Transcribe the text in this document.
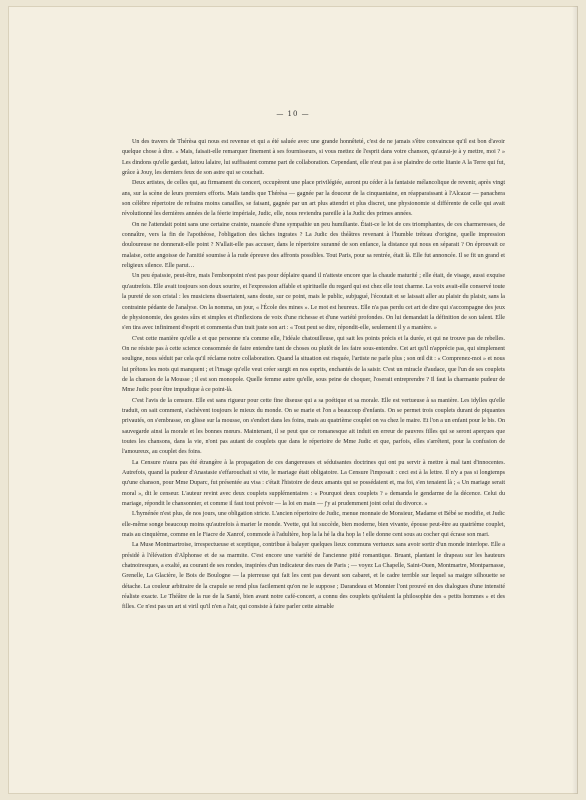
— 10 —

Un des travers de Thérèsa qui nous est revenue et qui a été saluée avec une grande honnêteté, c'est de ne jamais s'être convaincue qu'il est bon d'avoir quelque chose à dire. « Mais, faisait-elle remarquer finement à ses fournisseurs, si vous mettez de l'esprit dans votre chanson, qu'aurai-je à y mettre, moi ? » Les dindons qu'elle gardait, laitou lalaire, lui suffisaient comme part de collaboration. Cependant, elle n'eut pas à se plaindre de cette litanie A la Terre qui fut, grâce à Jouy, les derniers feux de son astre qui se couchait.

Deux artistes, de celles qui, au firmament du concert, occupèrent une place privilégiée, auront pu céder à la fantaisie mélancolique de revenir, après vingt ans, sur la scène de leurs premiers efforts. Mais tandis que Thérèsa — gagnée par la douceur de la cinquantaine, en réapparaissant à l'Alcazar — panachera son célèbre répertoire de refrains moins canailles, se faisant, gagnée par un art plus attendri et plus discret, une physionomie si différente de celle qui avait révolutionné les dernières années de la féerie impériale, Judic, elle, nous reviendra pareille à la Judic des primes années.

On ne l'attendait point sans une certaine crainte, nuancée d'une sympathie un peu humiliante. Était-ce le lot de ces triomphantes, de ces charmeresses, de connaître, vers la fin de l'apothéose, l'obligation des tâches ingrates ? La Judic des théâtres revenant à l'humble tréteau d'origine, quelle impression douloureuse ne donnerait-elle point ? N'allait-elle pas accuser, dans le répertoire suranné de son enfance, la distance qui nous en séparait ? On éprouvait ce malaise, cette angoisse de l'amitié soumise à la rude épreuve des affronts possibles. Tout Paris, pour sa rentrée, était là. Elle fut annoncée. Il se fit un grand et religieux silence. Elle parut…

Un peu épaissie, peut-être, mais l'embonpoint n'est pas pour déplaire quand il n'atteste encore que la chaude maturité ; elle était, de visage, aussi exquise qu'autrefois. Elle avait toujours son doux sourire, et l'expression affable et spirituelle du regard qui est chez elle tout charme. La voix avait-elle conservé toute la pureté de son cristal : les musiciens dissertaient, sans doute, sur ce point, mais le public, subjugué, l'écoutait et se laissait aller au plaisir du plaisir, sans la contrainte pédante de l'analyse. On la nomma, un jour, « l'École des mines ». Le mot est heureux. Elle n'a pas perdu cet art de dire qui s'accompagne des jeux de physionomie, des gestes sûrs et simples et d'inflexions de voix d'une richesse et d'une variété profondes. On lui demandait la définition de son talent. Elle s'en tira avec infiniment d'esprit et commenta d'un trait juste son art : « Tout peut se dire, répondit-elle, seulement il y a manière. »

C'est cette manière qu'elle a et que personne n'a comme elle, l'idéale chatouilleuse, qui sait les points précis et la durée, et qui ne trouve pas de rebelles. On ne résiste pas à cette science consommée de faire entendre tant de choses ou plutôt de les faire sous-entendre. Cet art qu'il n'apprécie pas, qui simplement souligne, nous séduit par cela qu'il réclame notre collaboration. Quand la situation est risquée, l'artiste ne parle plus ; son œil dit : « Comprenez-moi » et nous lui prêtons les mots qui manquent ; et l'image qu'elle veut créer surgit en nos esprits, enchantés de la saisir. C'est un miracle d'audace, que l'un de ses couplets de la chanson de la Mousse ; il est son monopole. Quelle femme autre qu'elle, sous peine de choquer, l'oserait entreprendre ? Il faut la charmante pudeur de Mme Judic pour être impudique à ce point-là.

C'est l'avis de la censure. Elle est sans rigueur pour cette fine diseuse qui a sa poétique et sa morale. Elle est vertueuse à sa manière. Les idylles qu'elle traduit, on sait comment, s'achèvent toujours le mieux du monde. On se marie et l'on a beaucoup d'enfants. On se permet trois couplets durant de piquantes privautés, on s'embrasse, on glisse sur la mousse, on s'endort dans les foins, mais au quatrième couplet on va chez le maire. Et l'on a un enfant pour le bis. On sauvegarde ainsi la morale et les bonnes mœurs. Maintenant, il se peut que ce romanesque ait induit en erreur de pauvres filles qui se seront aperçues que toutes les chansons, dans la vie, n'ont pas autant de couplets que dans le répertoire de Mme Judic et que, parfois, elles s'arrêtent, pour la confusion de l'amoureux, au couplet des foins.

La Censure n'aura pas été étrangère à la propagation de ces dangereuses et séduisantes doctrines qui ont pu servir à mettre à mal tant d'innocentes. Autrefois, quand la pudeur d'Anastasie s'effarouchait si vite, le mariage était obligatoire. La Censure l'imposait : ceci est à la lettre. Il n'y a pas si longtemps qu'une chanson, pour Mme Duparc, fut présentée au visa : c'était l'histoire de deux amants qui se possédaient et, ma foi, s'en tenaient là ; « Un mariage serait moral », dit le censeur. L'auteur revint avec deux couplets supplémentaires : « Pourquoi deux couplets ? » demanda le gendarme de la décence. Celui du mariage, répondit le chansonnier, et comme il faut tout prévoir — la loi en main — j'y ai prudemment joint celui du divorce. »

L'hyménée n'est plus, de nos jours, une obligation stricte. L'ancien répertoire de Judic, menue monnaie de Monsieur, Madame et Bébé se modifie, et Judic elle-même songe beaucoup moins qu'autrefois à marier le monde. Yvette, qui lui succède, bien moderne, bien vivante, épouse peut-être au quatrième couplet, mais au cinquième, comme en le Fiacre de Xanrof, commode à l'adultère, hop la la hé la dia hop la ! elle donne cent sous au cocher qui écrase son mari.

La Muse Montmartroise, irrespectueuse et sceptique, contribue à balayer quelques lieux communs vertueux sans avoir sortir d'un monde interlope. Elle a présidé à l'élévation d'Alphonse et de sa marmite. C'est encore une variété de l'ancienne pitié romantique. Bruant, plantant le drapeau sur les hauteurs chatnoiresques, a exalté, au courant de ses rondes, inspirées d'un indicateur des rues de Paris ; — voyez La Chapelle, Saint-Ouen, Montmartre, Montparnasse, Grenelle, La Glacière, le Bois de Boulogne — la pierreuse qui fait les cent pas devant son cabaret, et le cadre terrible sur lequel sa maigre silhouette se détache. La couleur arbitraire de la crapule se rend plus facilement qu'on ne le suppose ; Darandeau et Monnier l'ont prouvé en des dialogues d'une intensité réaliste exacte. Le Théâtre de la rue de la Santé, bien avant notre café-concert, a connu des couplets qu'étalent la philosophie des « petits hommes » et des filles. Ce n'est pas un art si viril qu'il n'en a l'air, qui consiste à faire parler cette aimable
